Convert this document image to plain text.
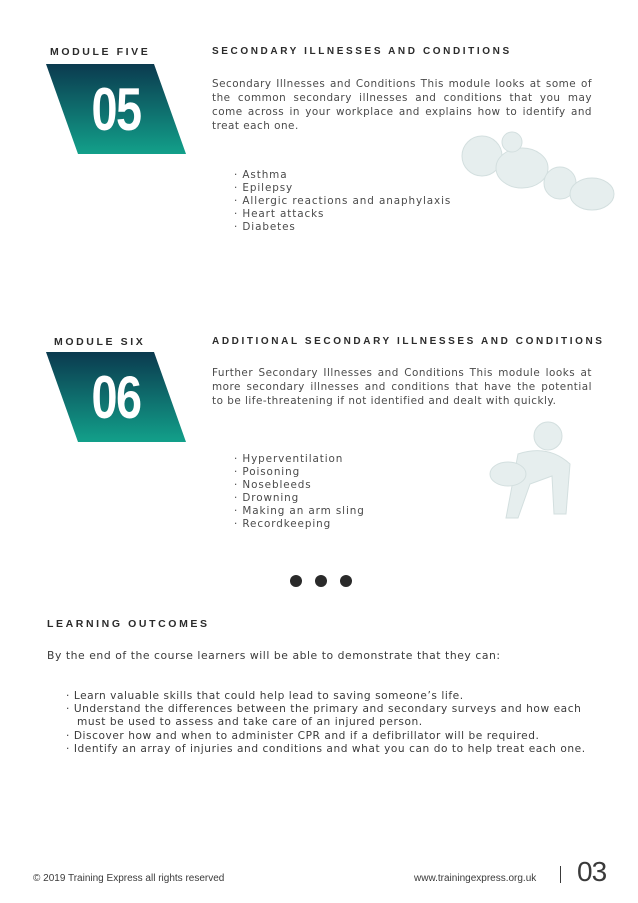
MODULE FIVE	SECONDARY ILLNESSES AND CONDITIONS
05	Secondary Illnesses and Conditions This module looks at some of the common secondary illnesses and conditions that you may come across in your workplace and explains how to identify and treat each one.
· Asthma
· Epilepsy
· Allergic reactions and anaphylaxis
· Heart attacks
· Diabetes
MODULE SIX	ADDITIONAL SECONDARY ILLNESSES AND CONDITIONS
06	Further Secondary Illnesses and Conditions This module looks at more secondary illnesses and conditions that have the potential to be life-threatening if not identified and dealt with quickly.
· Hyperventilation
· Poisoning
· Nosebleeds
· Drowning
· Making an arm sling
· Recordkeeping
LEARNING OUTCOMES
By the end of the course learners will be able to demonstrate that they can:
· Learn valuable skills that could help lead to saving someone’s life.
· Understand the differences between the primary and secondary surveys and how each must be used to assess and take care of an injured person.
· Discover how and when to administer CPR and if a defibrillator will be required.
· Identify an array of injuries and conditions and what you can do to help treat each one.
© 2019 Training Express all rights reserved	www.trainingexpress.org.uk 03
